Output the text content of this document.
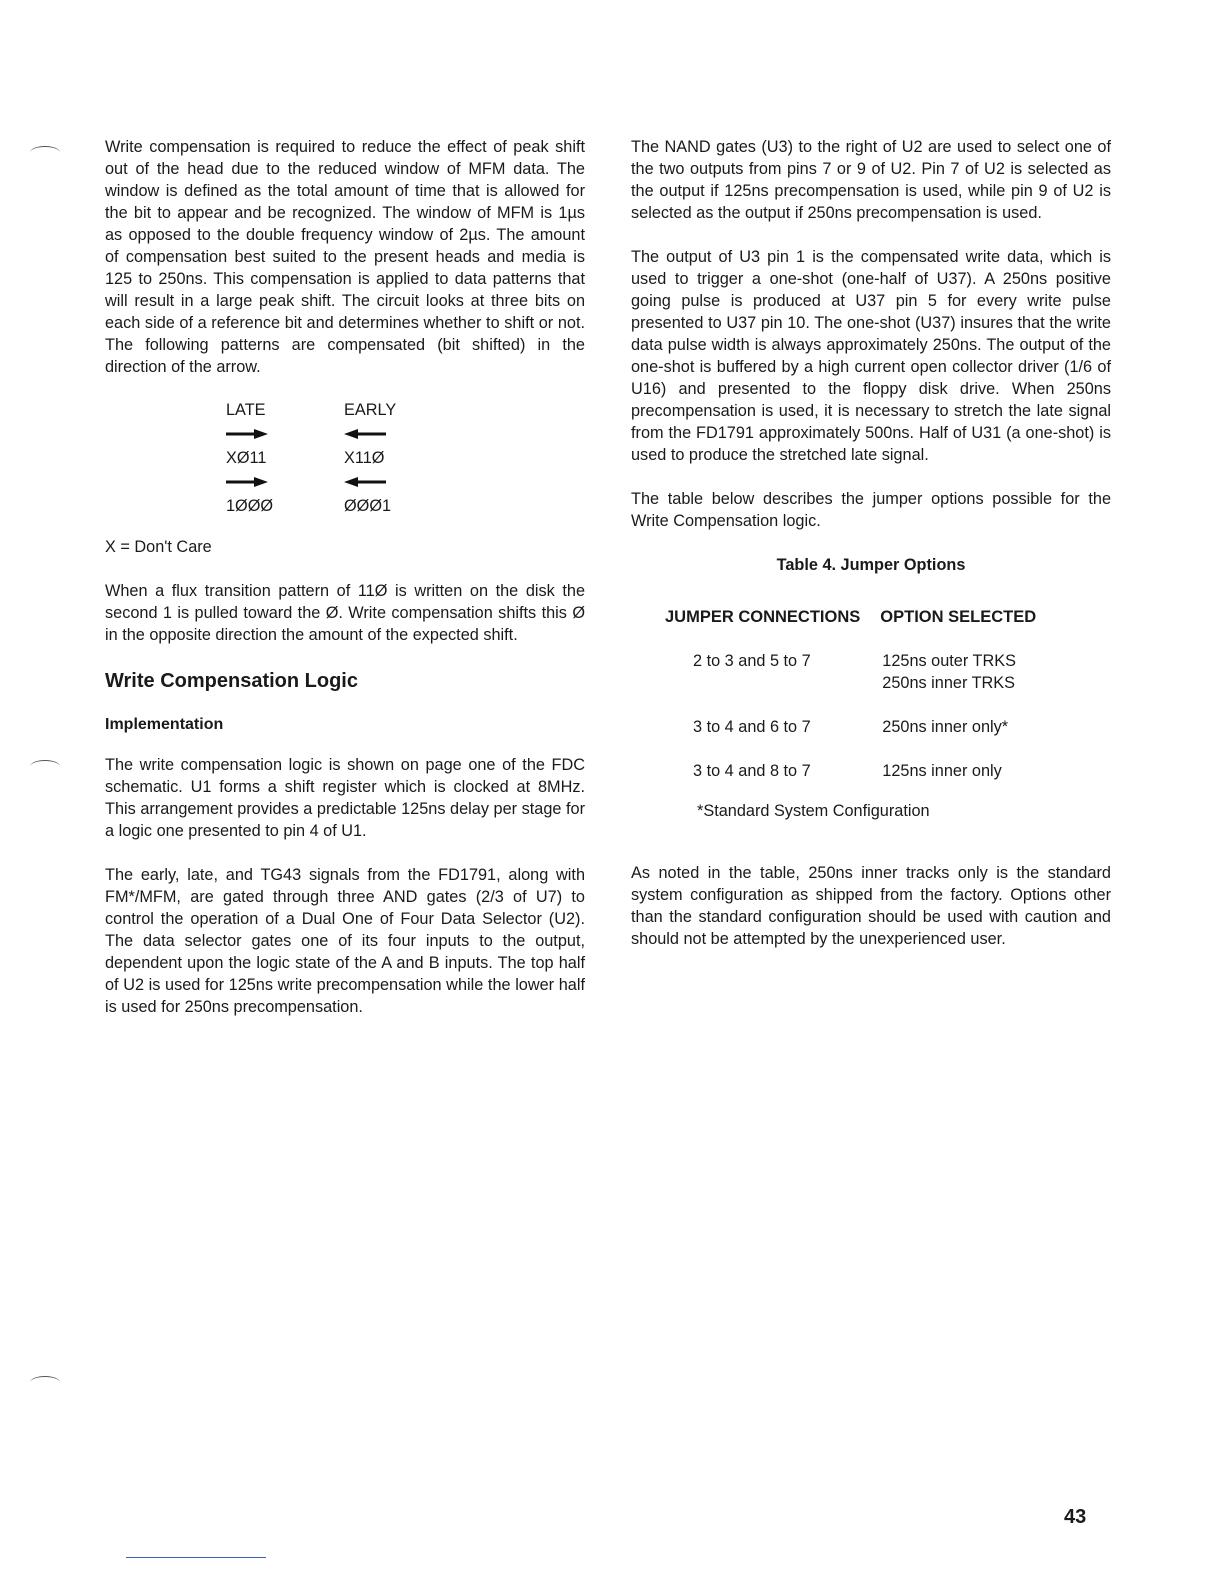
Write compensation is required to reduce the effect of peak shift out of the head due to the reduced window of MFM data. The window is defined as the total amount of time that is allowed for the bit to appear and be recognized. The window of MFM is 1µs as opposed to the double frequency window of 2µs. The amount of compensation best suited to the present heads and media is 125 to 250ns. This compensation is applied to data patterns that will result in a large peak shift. The circuit looks at three bits on each side of a reference bit and determines whether to shift or not. The following patterns are compensated (bit shifted) in the direction of the arrow.

LATE	EARLY
XØ11	X11Ø
1ØØØ	ØØØ1

X = Don't Care

When a flux transition pattern of 11Ø is written on the disk the second 1 is pulled toward the Ø. Write compensation shifts this Ø in the opposite direction the amount of the expected shift.

Write Compensation Logic
Implementation

The write compensation logic is shown on page one of the FDC schematic. U1 forms a shift register which is clocked at 8MHz. This arrangement provides a predictable 125ns delay per stage for a logic one presented to pin 4 of U1.

The early, late, and TG43 signals from the FD1791, along with FM*/MFM, are gated through three AND gates (2/3 of U7) to control the operation of a Dual One of Four Data Selector (U2). The data selector gates one of its four inputs to the output, dependent upon the logic state of the A and B inputs. The top half of U2 is used for 125ns write precompensation while the lower half is used for 250ns precompensation.

The NAND gates (U3) to the right of U2 are used to select one of the two outputs from pins 7 or 9 of U2. Pin 7 of U2 is selected as the output if 125ns precompensation is used, while pin 9 of U2 is selected as the output if 250ns precompensation is used.

The output of U3 pin 1 is the compensated write data, which is used to trigger a one-shot (one-half of U37). A 250ns positive going pulse is produced at U37 pin 5 for every write pulse presented to U37 pin 10. The one-shot (U37) insures that the write data pulse width is always approximately 250ns. The output of the one-shot is buffered by a high current open collector driver (1/6 of U16) and presented to the floppy disk drive. When 250ns precompensation is used, it is necessary to stretch the late signal from the FD1791 approximately 500ns. Half of U31 (a one-shot) is used to produce the stretched late signal.

The table below describes the jumper options possible for the Write Compensation logic.

Table 4. Jumper Options
JUMPER CONNECTIONS	OPTION SELECTED
2 to 3 and 5 to 7	125ns outer TRKS
250ns inner TRKS
3 to 4 and 6 to 7	250ns inner only*
3 to 4 and 8 to 7	125ns inner only
*Standard System Configuration

As noted in the table, 250ns inner tracks only is the standard system configuration as shipped from the factory. Options other than the standard configuration should be used with caution and should not be attempted by the unexperienced user.

43
